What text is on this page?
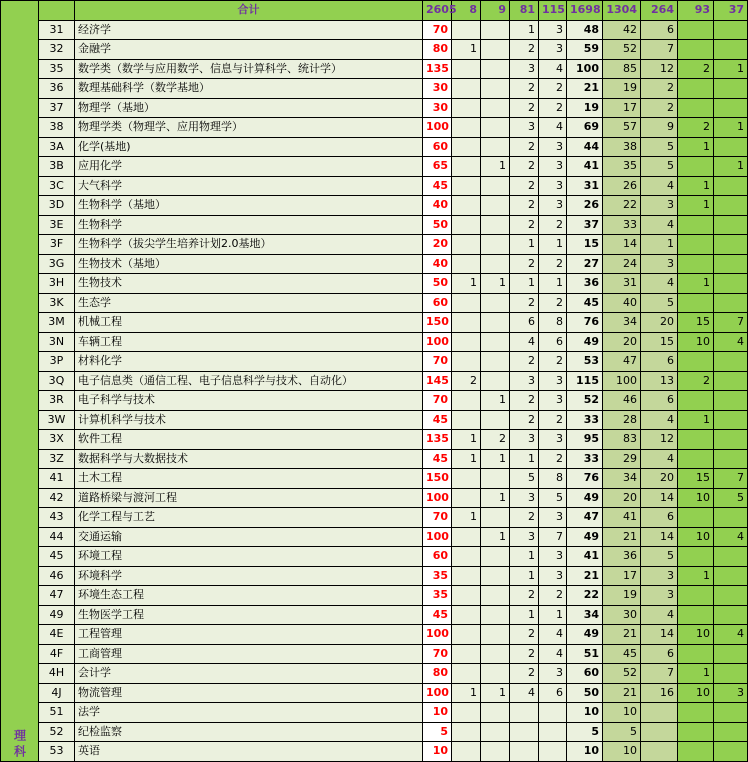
理科		合计	2605	8	9	81	115	1698	1304	264	93	37
	31	经济学	70			1	3	48	42	6		
	32	金融学	80	1		2	3	59	52	7		
	35	数学类（数学与应用数学、信息与计算科学、统计学）	135			3	4	100	85	12	2	1
	36	数理基础科学（数学基地）	30			2	2	21	19	2		
	37	物理学（基地）	30			2	2	19	17	2		
	38	物理学类（物理学、应用物理学）	100			3	4	69	57	9	2	1
	3A	化学(基地)	60			2	3	44	38	5	1	
	3B	应用化学	65		1	2	3	41	35	5		1
	3C	大气科学	45			2	3	31	26	4	1	
	3D	生物科学（基地）	40			2	3	26	22	3	1	
	3E	生物科学	50			2	2	37	33	4		
	3F	生物科学（拔尖学生培养计划2.0基地）	20			1	1	15	14	1		
	3G	生物技术（基地）	40			2	2	27	24	3		
	3H	生物技术	50	1	1	1	1	36	31	4	1	
	3K	生态学	60			2	2	45	40	5		
	3M	机械工程	150			6	8	76	34	20	15	7
	3N	车辆工程	100			4	6	49	20	15	10	4
	3P	材料化学	70			2	2	53	47	6		
	3Q	电子信息类（通信工程、电子信息科学与技术、自动化）	145	2		3	3	115	100	13	2	
	3R	电子科学与技术	70		1	2	3	52	46	6		
	3W	计算机科学与技术	45			2	2	33	28	4	1	
	3X	软件工程	135	1	2	3	3	95	83	12		
	3Z	数据科学与大数据技术	45	1	1	1	2	33	29	4		
	41	土木工程	150			5	8	76	34	20	15	7
	42	道路桥梁与渡河工程	100		1	3	5	49	20	14	10	5
	43	化学工程与工艺	70	1		2	3	47	41	6		
	44	交通运输	100		1	3	7	49	21	14	10	4
	45	环境工程	60			1	3	41	36	5		
	46	环境科学	35			1	3	21	17	3	1	
	47	环境生态工程	35			2	2	22	19	3		
	49	生物医学工程	45			1	1	34	30	4		
	4E	工程管理	100			2	4	49	21	14	10	4
	4F	工商管理	70			2	4	51	45	6		
	4H	会计学	80			2	3	60	52	7	1	
	4J	物流管理	100	1	1	4	6	50	21	16	10	3
	51	法学	10					10	10			
	52	纪检监察	5					5	5			
	53	英语	10					10	10			
